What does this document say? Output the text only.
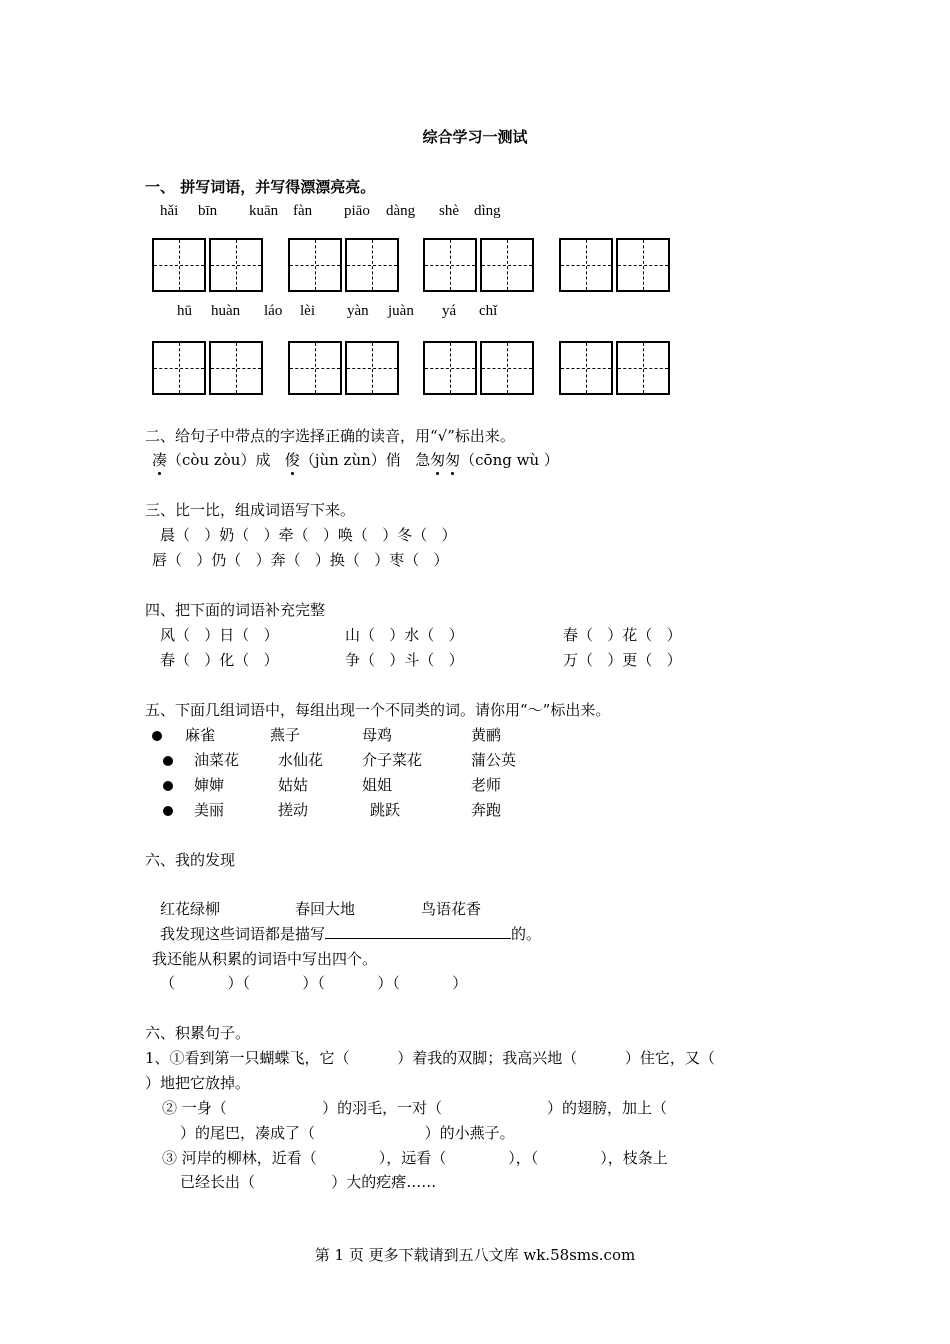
综合学习一测试
一、 拼写词语，并写得漂漂亮亮。
hǎi bīn kuān fàn piāo dàng shè dìng
hū huàn láo lèi yàn juàn yá chǐ
二、给句子中带点的字选择正确的读音，用“√”标出来。
凑（còu zòu）成 俊（jùn zùn）俏 急匆匆（cōng wù ）
三、比一比，组成词语写下来。
晨（   ）奶（   ）牵（   ）唤（   ）冬（   ）
唇（   ）仍（   ）奔（   ）换（   ）枣（   ）
四、把下面的词语补充完整
风（   ）日（   ）	山（   ）水（   ）	春（   ）花（   ）
春（   ）化（   ）	争（   ）斗（   ）	万（   ）更（   ）
五、下面几组词语中，每组出现一个不同类的词。请你用“～”标出来。
麻雀	燕子	母鸡	黄鹂
油菜花	水仙花	介子菜花	蒲公英
婶婶	姑姑	姐姐	老师
美丽	搓动	跳跃	奔跑
六、我的发现
红花绿柳	春回大地	鸟语花香
我发现这些词语都是描写	的。
我还能从积累的词语中写出四个。
（           ）（           ）（           ）（           ）
六、积累句子。
1、①看到第一只蝴蝶飞，它（          ）着我的双脚；我高兴地（          ）住它，又（
）地把它放掉。
② 一身（                    ）的羽毛，一对（                      ）的翅膀，加上（
）的尾巴，凑成了（                       ）的小燕子。
③ 河岸的柳林，近看（             ），远看（             ），（             ），枝条上
已经长出（                ）大的疙瘩……
第 1 页 更多下载请到五八文库 wk.58sms.com
